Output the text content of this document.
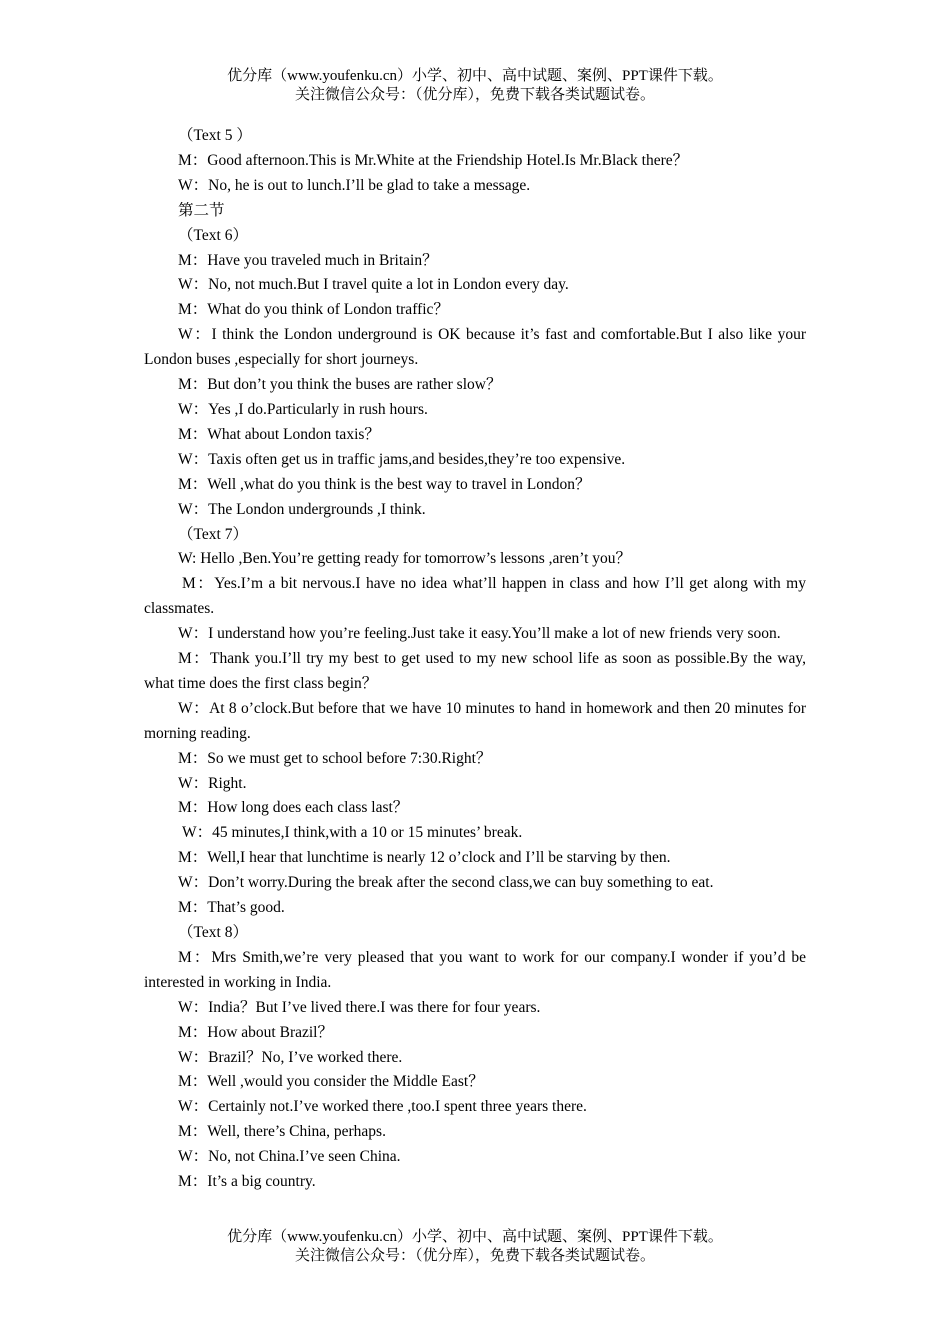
优分库（www.youfenku.cn）小学、初中、高中试题、案例、PPT课件下载。
关注微信公众号：（优分库），免费下载各类试题试卷。

（Text 5 ）

M：Good afternoon.This is Mr.White at the Friendship Hotel.Is Mr.Black there？

W：No, he is out to lunch.I’ll be glad to take a message.

第二节

（Text 6）

M：Have you traveled much in Britain？

W：No, not much.But I travel quite a lot in London every day.

M：What do you think of London traffic？

W：I think the London underground is OK because it’s fast and comfortable.But I also like your London buses ,especially for short journeys.

M：But don’t you think the buses are rather slow？

W：Yes ,I do.Particularly in rush hours.

M：What about London taxis？

W：Taxis often get us in traffic jams,and besides,they’re too expensive.

M：Well ,what do you think is the best way to travel in London？

W：The London undergrounds ,I think.

（Text 7）

W: Hello ,Ben.You’re getting ready for tomorrow’s lessons ,aren’t you？

M：Yes.I’m a bit nervous.I have no idea what’ll happen in class and how I’ll get along with my classmates.

W：I understand how you’re feeling.Just take it easy.You’ll make a lot of new friends very soon.

M：Thank you.I’ll try my best to get used to my new school life as soon as possible.By the way, what time does the first class begin？

W：At 8 o’clock.But before that we have 10 minutes to hand in homework and then 20 minutes for morning reading.

M：So we must get to school before 7:30.Right？

W：Right.

M：How long does each class last？

W：45 minutes,I think,with a 10 or 15 minutes’ break.

M：Well,I hear that lunchtime is nearly 12 o’clock and I’ll be starving by then.

W：Don’t worry.During the break after the second class,we can buy something to eat.

M：That’s good.

（Text 8）

M：Mrs Smith,we’re very pleased that you want to work for our company.I wonder if you’d be interested in working in India.

W：India？But I’ve lived there.I was there for four years.

M：How about Brazil？

W：Brazil？No, I’ve worked there.

M：Well ,would you consider the Middle East？

W：Certainly not.I’ve worked there ,too.I spent three years there.

M：Well, there’s China, perhaps.

W：No, not China.I’ve seen China.

M：It’s a big country.

优分库（www.youfenku.cn）小学、初中、高中试题、案例、PPT课件下载。
关注微信公众号：（优分库），免费下载各类试题试卷。
